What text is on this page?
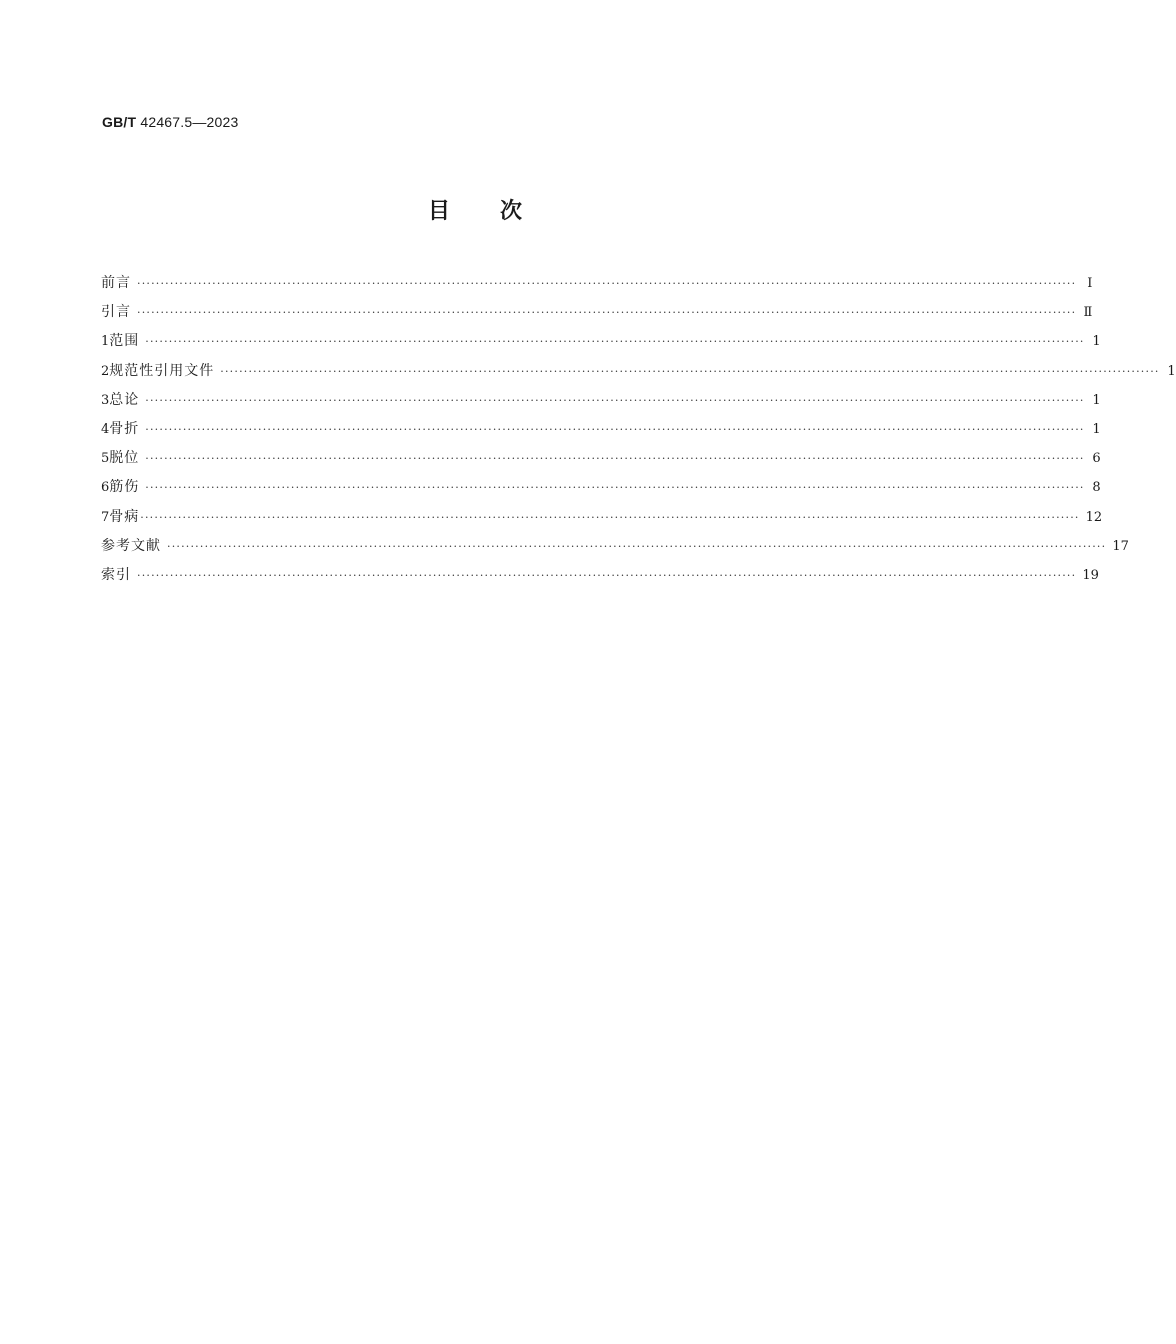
GB/T 42467.5—2023
目 次
前言 ········································································································································································································ Ⅰ
引言 ········································································································································································································ Ⅱ
1 范围 ········································································································································································································ 1
2 规范性引用文件 ········································································································································································································ 1
3 总论 ········································································································································································································ 1
4 骨折 ········································································································································································································ 1
5 脱位 ········································································································································································································ 6
6 筋伤 ········································································································································································································ 8
7 骨病 ········································································································································································································ 12
参考文献 ········································································································································································································ 17
索引 ········································································································································································································ 19
